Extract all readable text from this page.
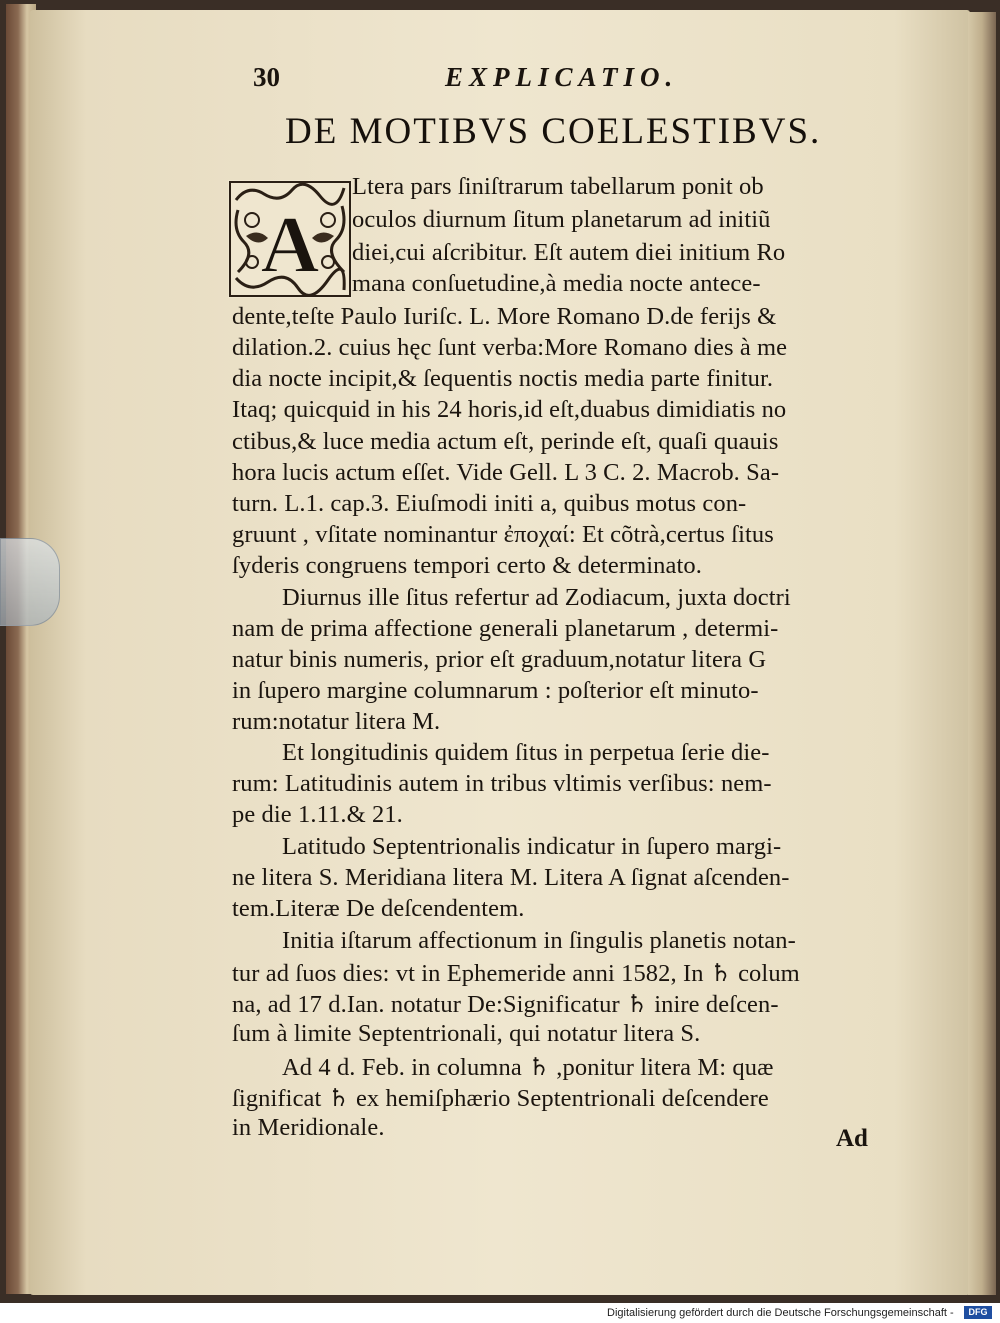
30	EXPLICATIO.
DE MOTIBVS COELESTIBVS.
A
Ltera pars ſiniſtrarum tabellarum ponit ob
oculos diurnum ſitum planetarum ad initiũ
diei,cui aſcribitur. Eſt autem diei initium Ro
mana conſuetudine,à media nocte antece-
dente,teſte Paulo Iuriſc. L. More Romano D.de ferijs &
dilation.2. cuius hęc ſunt verba:More Romano dies à me
dia nocte incipit,& ſequentis noctis media parte finitur.
Itaq; quicquid in his 24 horis,id eſt,duabus dimidiatis no
ctibus,& luce media actum eſt, perinde eſt, quaſi quauis
hora lucis actum eſſet. Vide Gell. L 3 C. 2. Macrob. Sa-
turn. L.1. cap.3. Eiuſmodi initi a, quibus motus con-
gruunt , vſitate nominantur ἐποχαί: Et cõtrà,certus ſitus
ſyderis congruens tempori certo & determinato.
Diurnus ille ſitus refertur ad Zodiacum, juxta doctri
nam de prima affectione generali planetarum , determi-
natur binis numeris, prior eſt graduum,notatur litera G
in ſupero margine columnarum : poſterior eſt minuto-
rum:notatur litera M.
Et longitudinis quidem ſitus in perpetua ſerie die-
rum: Latitudinis autem in tribus vltimis verſibus: nem-
pe die 1.11.& 21.
Latitudo Septentrionalis indicatur in ſupero margi-
ne litera S. Meridiana litera M. Litera A ſignat aſcenden-
tem.Literæ De deſcendentem.
Initia iſtarum affectionum in ſingulis planetis notan-
tur ad ſuos dies: vt in Ephemeride anni 1582, In ♄ colum
na, ad 17 d.Ian. notatur De:Significatur ♄ inire deſcen-
ſum à limite Septentrionali, qui notatur litera S.
Ad 4 d. Feb. in columna ♄ ,ponitur litera M: quæ
ſignificat ♄ ex hemiſphærio Septentrionali deſcendere
in Meridionale.	Ad
Digitalisierung gefördert durch die Deutsche Forschungsgemeinschaft -	DFG
